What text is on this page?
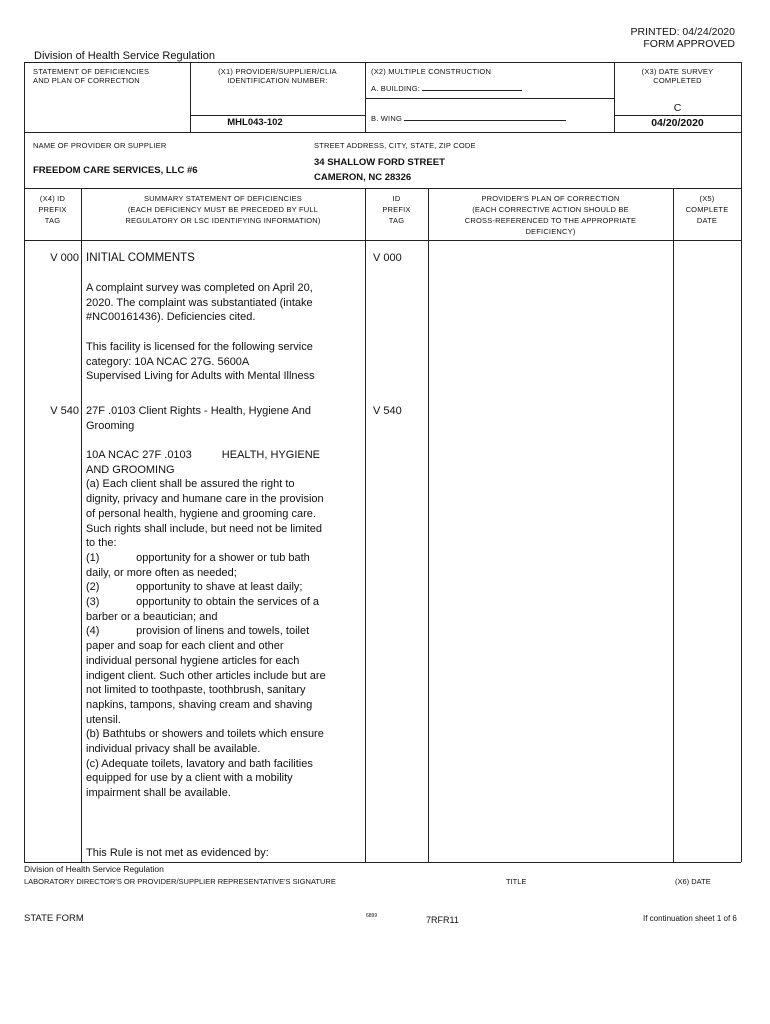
PRINTED: 04/24/2020
FORM APPROVED
Division of Health Service Regulation
STATEMENT OF DEFICIENCIES
AND PLAN OF CORRECTION
(X1) PROVIDER/SUPPLIER/CLIA
IDENTIFICATION NUMBER:
MHL043-102
(X2) MULTIPLE CONSTRUCTION
A. BUILDING:
B. WING
(X3) DATE SURVEY
COMPLETED
C
04/20/2020
NAME OF PROVIDER OR SUPPLIER
FREEDOM CARE SERVICES, LLC #6
STREET ADDRESS, CITY, STATE, ZIP CODE
34 SHALLOW FORD STREET
CAMERON, NC 28326
(X4) ID
PREFIX
TAG
SUMMARY STATEMENT OF DEFICIENCIES
(EACH DEFICIENCY MUST BE PRECEDED BY FULL
REGULATORY OR LSC IDENTIFYING INFORMATION)
ID
PREFIX
TAG
PROVIDER'S PLAN OF CORRECTION
(EACH CORRECTIVE ACTION SHOULD BE
CROSS-REFERENCED TO THE APPROPRIATE
DEFICIENCY)
(X5)
COMPLETE
DATE
V 000	V 000
INITIAL COMMENTS
A complaint survey was completed on April 20,
2020. The complaint was substantiated (intake
#NC00161436). Deficiencies cited.
This facility is licensed for the following service
category: 10A NCAC 27G. 5600A
Supervised Living for Adults with Mental Illness
V 540	V 540
27F .0103 Client Rights - Health, Hygiene And
Grooming
10A NCAC 27F .0103	HEALTH, HYGIENE
AND GROOMING
(a) Each client shall be assured the right to
dignity, privacy and humane care in the provision
of personal health, hygiene and grooming care.
Such rights shall include, but need not be limited
to the:
(1)            opportunity for a shower or tub bath
daily, or more often as needed;
(2)            opportunity to shave at least daily;
(3)            opportunity to obtain the services of a
barber or a beautician; and
(4)            provision of linens and towels, toilet
paper and soap for each client and other
individual personal hygiene articles for each
indigent client. Such other articles include but are
not limited to toothpaste, toothbrush, sanitary
napkins, tampons, shaving cream and shaving
utensil.
(b) Bathtubs or showers and toilets which ensure
individual privacy shall be available.
(c) Adequate toilets, lavatory and bath facilities
equipped for use by a client with a mobility
impairment shall be available.
This Rule is not met as evidenced by:
Division of Health Service Regulation
LABORATORY DIRECTOR'S OR PROVIDER/SUPPLIER REPRESENTATIVE'S SIGNATURE	TITLE	(X6) DATE
STATE FORM	6899	7RFR11	If continuation sheet 1 of 6
